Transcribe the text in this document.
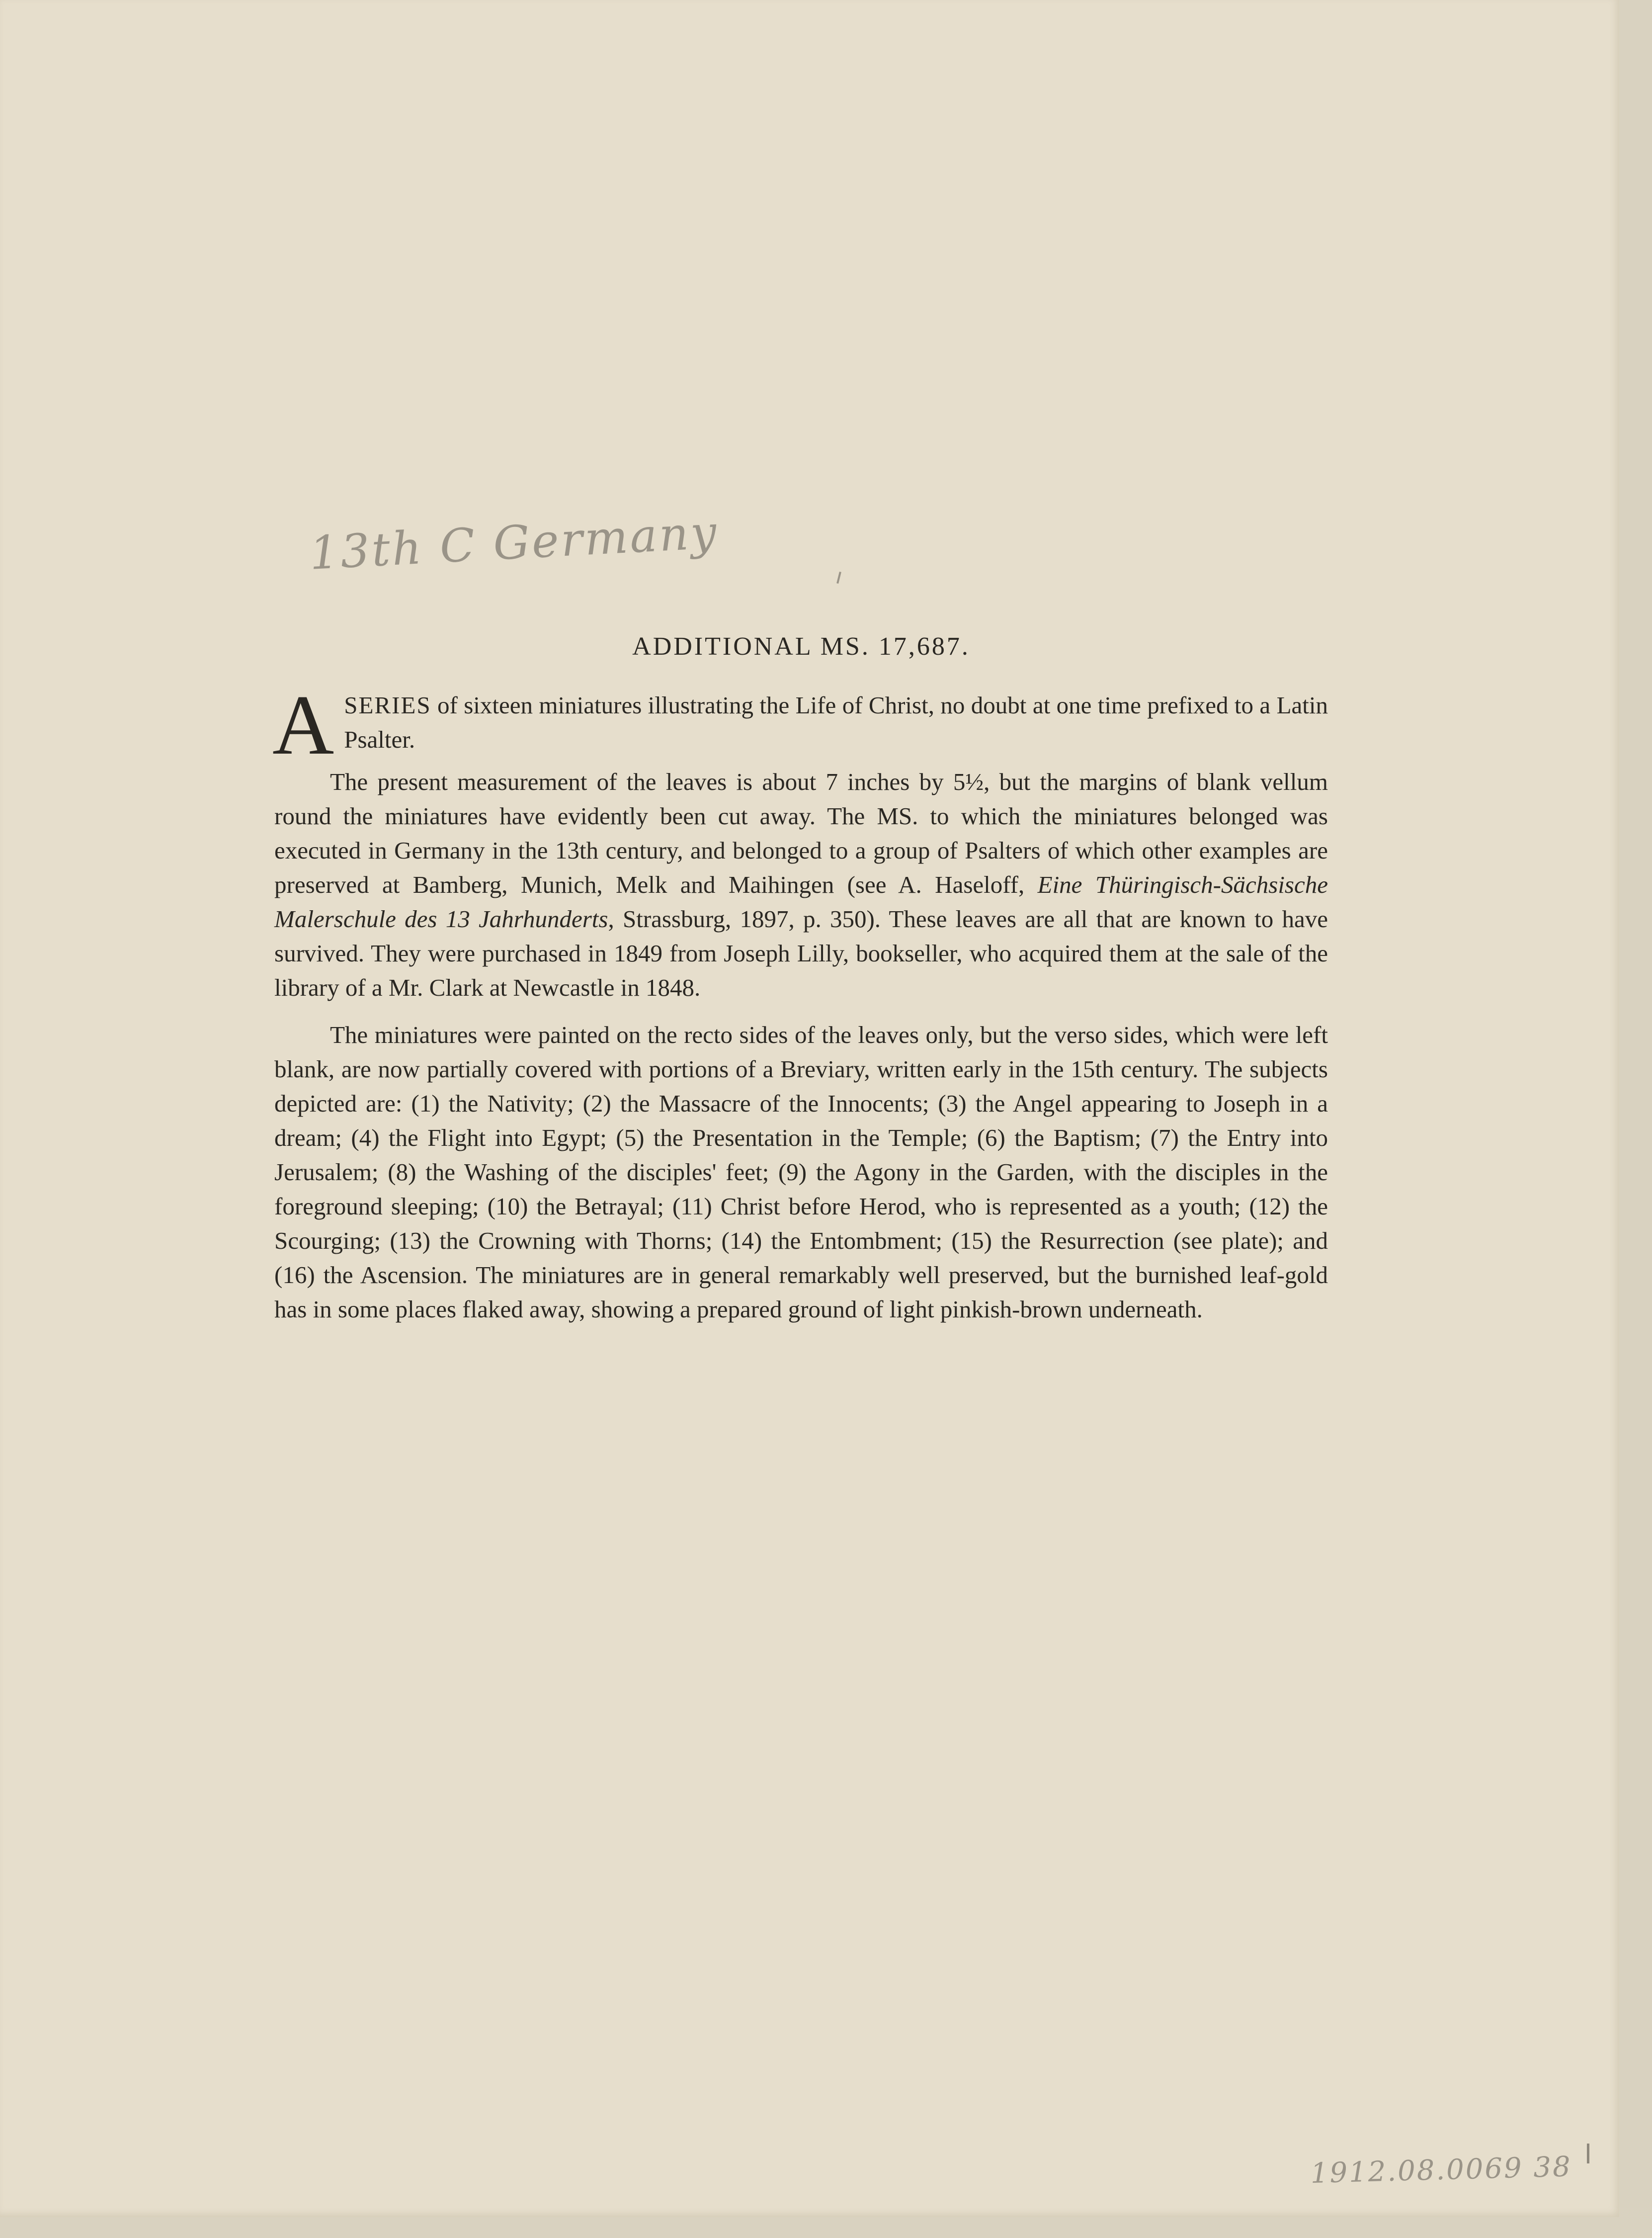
13th C Germany
ADDITIONAL MS. 17,687.

ASERIES of sixteen miniatures illustrating the Life of Christ, no doubt at one time prefixed to a Latin Psalter.

The present measurement of the leaves is about 7 inches by 5½, but the margins of blank vellum round the miniatures have evidently been cut away. The MS. to which the miniatures belonged was executed in Germany in the 13th century, and belonged to a group of Psalters of which other examples are preserved at Bamberg, Munich, Melk and Maihingen (see A. Haseloff, Eine Thüringisch-Sächsische Malerschule des 13 Jahrhunderts, Strassburg, 1897, p. 350). These leaves are all that are known to have survived. They were purchased in 1849 from Joseph Lilly, bookseller, who acquired them at the sale of the library of a Mr. Clark at Newcastle in 1848.

The miniatures were painted on the recto sides of the leaves only, but the verso sides, which were left blank, are now partially covered with portions of a Breviary, written early in the 15th century. The subjects depicted are: (1) the Nativity; (2) the Massacre of the Innocents; (3) the Angel appearing to Joseph in a dream; (4) the Flight into Egypt; (5) the Presentation in the Temple; (6) the Baptism; (7) the Entry into Jerusalem; (8) the Washing of the disciples' feet; (9) the Agony in the Garden, with the disciples in the foreground sleeping; (10) the Betrayal; (11) Christ before Herod, who is represented as a youth; (12) the Scourging; (13) the Crowning with Thorns; (14) the Entombment; (15) the Resurrection (see plate); and (16) the Ascension. The miniatures are in general remarkably well preserved, but the burnished leaf-gold has in some places flaked away, showing a prepared ground of light pinkish-brown underneath.

1912.08.0069 38
